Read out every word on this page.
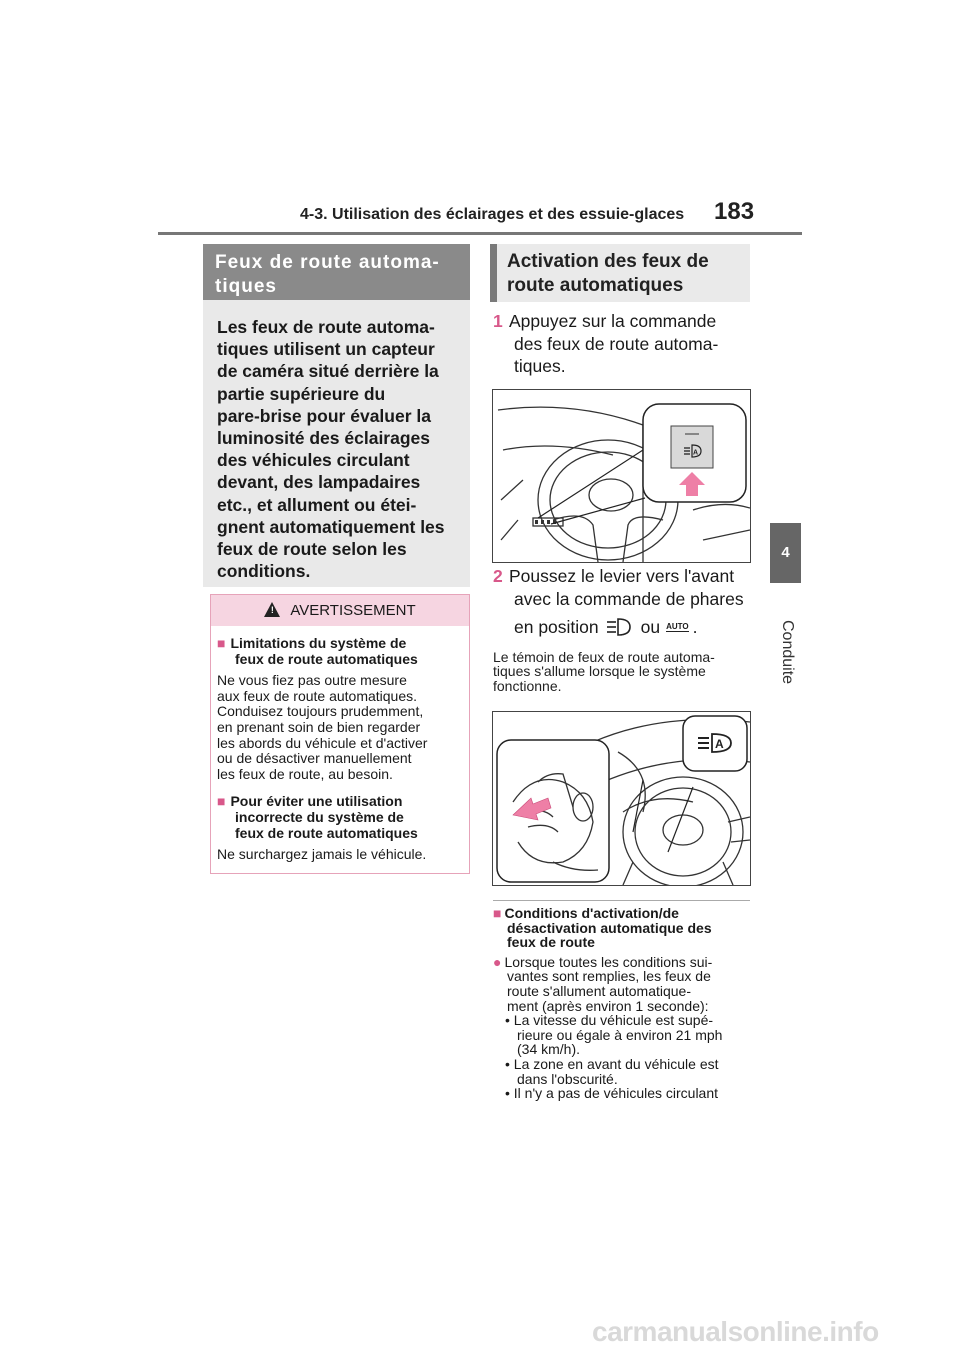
4-3. Utilisation des éclairages et des essuie-glaces 183
4
Conduite
Feux de route automa-
tiques
Les feux de route automa-
tiques utilisent un capteur
de caméra situé derrière la
partie supérieure du
pare-brise pour évaluer la
luminosité des éclairages
des véhicules circulant
devant, des lampadaires
etc., et allument ou étei-
gnent automatiquement les
feux de route selon les
conditions.
! AVERTISSEMENT
■ Limitations du système de
feux de route automatiques
Ne vous fiez pas outre mesure
aux feux de route automatiques.
Conduisez toujours prudemment,
en prenant soin de bien regarder
les abords du véhicule et d'activer
ou de désactiver manuellement
les feux de route, au besoin.
■ Pour éviter une utilisation
incorrecte du système de
feux de route automatiques
Ne surchargez jamais le véhicule.
Activation des feux de
route automatiques
1 Appuyez sur la commande
des feux de route automa-
tiques.
A
2 Poussez le levier vers l'avant
avec la commande de phares
en position ou AUTO .
Le témoin de feux de route automa-
tiques s'allume lorsque le système
fonctionne.
A
■ Conditions d'activation/de
désactivation automatique des
feux de route
● Lorsque toutes les conditions sui-
vantes sont remplies, les feux de
route s'allument automatique-
ment (après environ 1 seconde):
• La vitesse du véhicule est supé-
rieure ou égale à environ 21 mph
(34 km/h).
• La zone en avant du véhicule est
dans l'obscurité.
• Il n'y a pas de véhicules circulant
carmanualsonline.info
